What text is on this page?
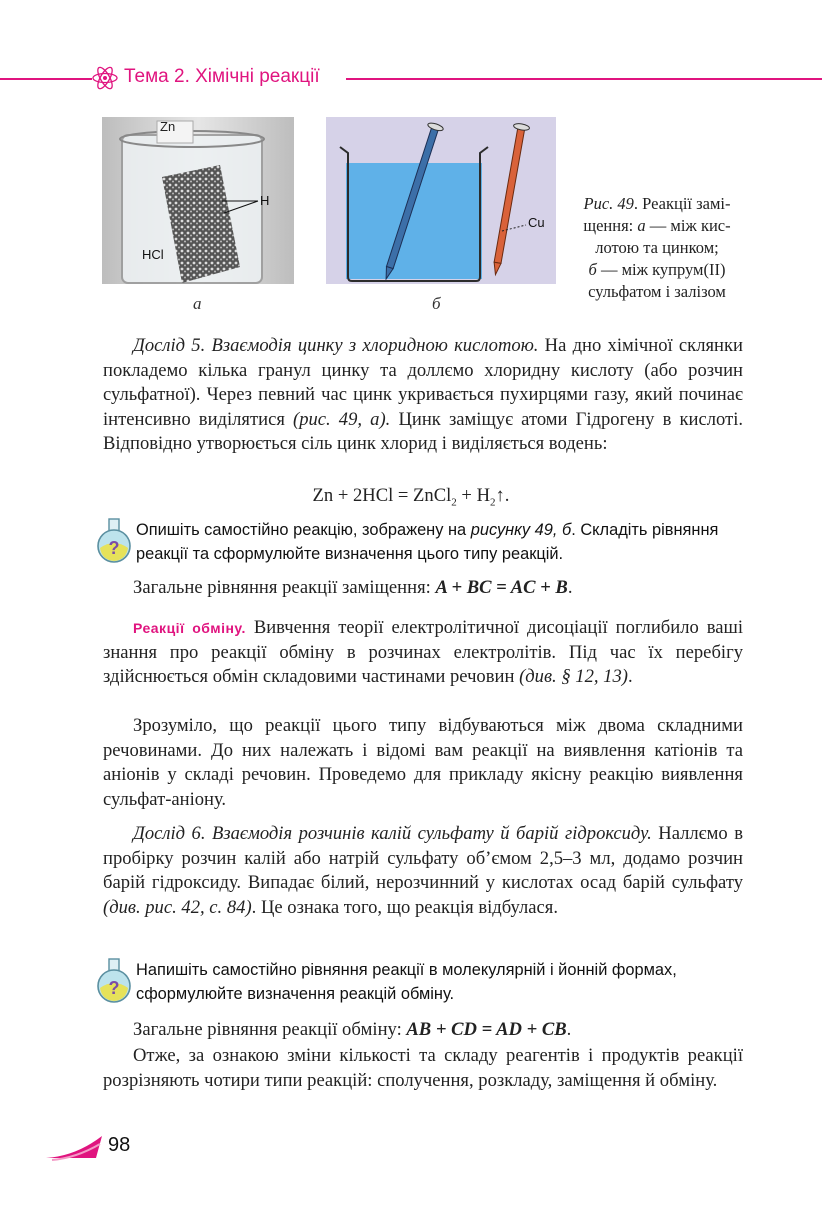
Тема 2. Хімічні реакції
Zn
H
HCl
Cu
а	б
Рис. 49. Реакції замі-
щення: а — між кис-
лотою та цинком;
б — між купрум(II)
сульфатом і залізом
Дослід 5. Взаємодія цинку з хлоридною кислотою. На дно хімічної склянки покладемо кілька гранул цинку та доллємо хлоридну кислоту (або розчин сульфатної). Через певний час цинк укривається пухирцями газу, який починає інтенсивно виділятися (рис. 49, а). Цинк заміщує атоми Гідрогену в кислоті. Відповідно утворюється сіль цинк хлорид і виділяється водень:
Zn + 2HCl = ZnCl$_2$ + $H_2↑$.
?
Опишіть самостійно реакцію, зображену на рисунку 49, б. Складіть рівняння реакції та сформулюйте визначення цього типу реакцій.
Загальне рівняння реакції заміщення: A + BC = AC + B.
Реакції обміну. Вивчення теорії електролітичної дисоціації поглибило ваші знання про реакції обміну в розчинах електролітів. Під час їх перебігу здійснюється обмін складовими частинами речовин (див. § 12, 13).
Зрозуміло, що реакції цього типу відбуваються між двома складними речовинами. До них належать і відомі вам реакції на виявлення катіонів та аніонів у складі речовин. Проведемо для прикладу якісну реакцію виявлення сульфат-аніону.
Дослід 6. Взаємодія розчинів калій сульфату й барій гідроксиду. Наллємо в пробірку розчин калій або натрій сульфату об’ємом 2,5–3 мл, додамо розчин барій гідроксиду. Випадає білий, нерозчинний у кислотах осад барій сульфату (див. рис. 42, с. 84). Це ознака того, що реакція відбулася.
?
Напишіть самостійно рівняння реакції в молекулярній і йонній формах, сформулюйте визначення реакцій обміну.
Загальне рівняння реакції обміну: AB + CD = AD + CB.
Отже, за ознакою зміни кількості та складу реагентів і продуктів реакції розрізняють чотири типи реакцій: сполучення, розкладу, заміщення й обміну.
98
